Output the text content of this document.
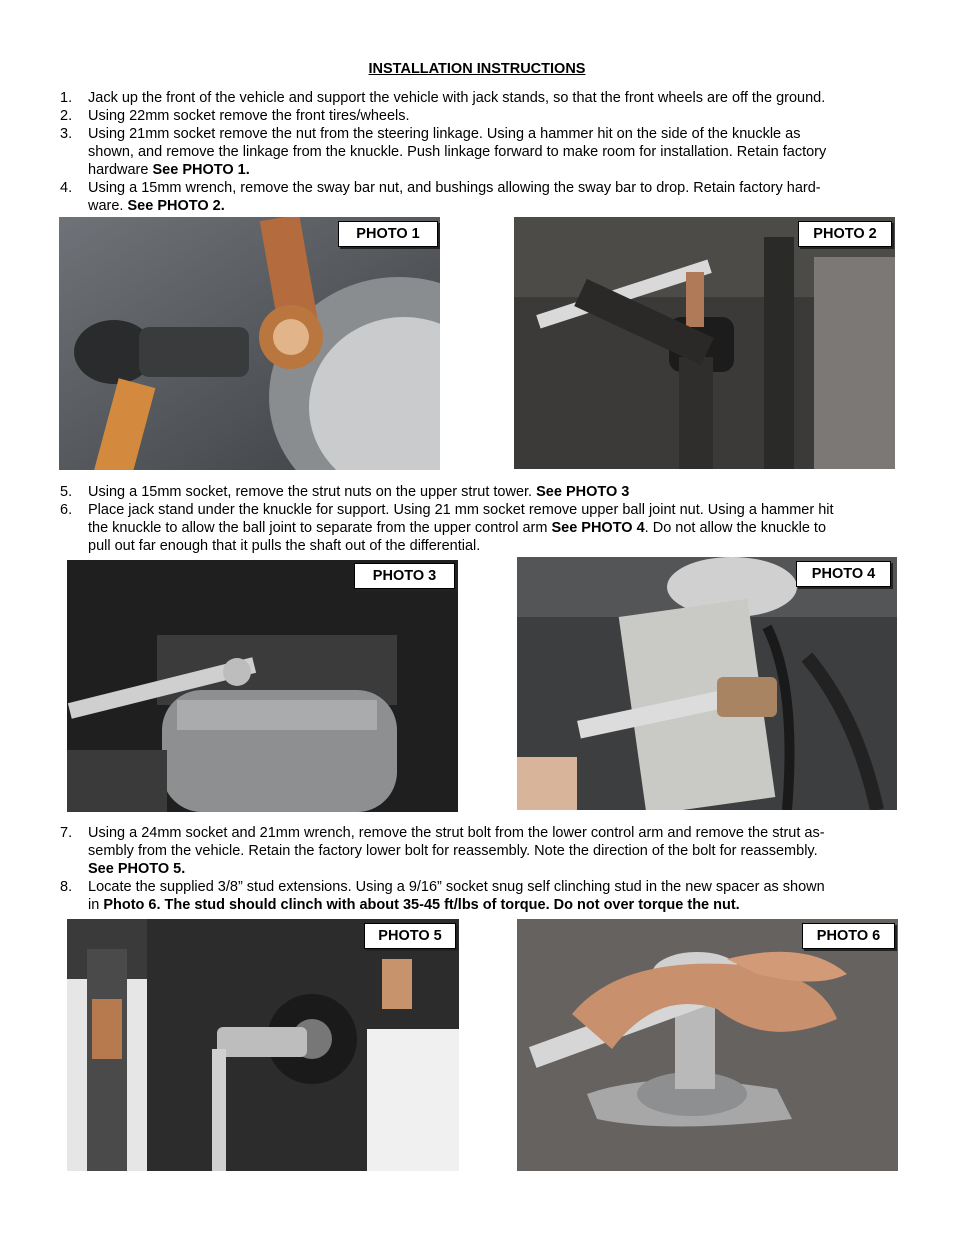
INSTALLATION INSTRUCTIONS
1. Jack up the front of the vehicle and support the vehicle with jack stands, so that the front wheels are off the ground.
2. Using 22mm socket remove the front tires/wheels.
3. Using 21mm socket remove the nut from the steering linkage. Using a hammer hit on the side of the knuckle as
shown, and remove the linkage from the knuckle. Push linkage forward to make room for installation. Retain factory
hardware See PHOTO 1.
4. Using a 15mm wrench, remove the sway bar nut, and bushings allowing the sway bar to drop. Retain factory hard-
ware. See PHOTO 2.
PHOTO 1	PHOTO 2
5. Using a 15mm socket, remove the strut nuts on the upper strut tower. See PHOTO 3
6. Place jack stand under the knuckle for support. Using 21 mm socket remove upper ball joint nut. Using a hammer hit
the knuckle to allow the ball joint to separate from the upper control arm See PHOTO 4. Do not allow the knuckle to
pull out far enough that it pulls the shaft out of the differential.
PHOTO 3	PHOTO 4
7. Using a 24mm socket and 21mm wrench, remove the strut bolt from the lower control arm and remove the strut as-
sembly from the vehicle. Retain the factory lower bolt for reassembly. Note the direction of the bolt for reassembly.
See PHOTO 5.
8. Locate the supplied 3/8” stud extensions. Using a 9/16” socket snug self clinching stud in the new spacer as shown
in Photo 6. The stud should clinch with about 35-45 ft/lbs of torque. Do not over torque the nut.
PHOTO 5	PHOTO 6
